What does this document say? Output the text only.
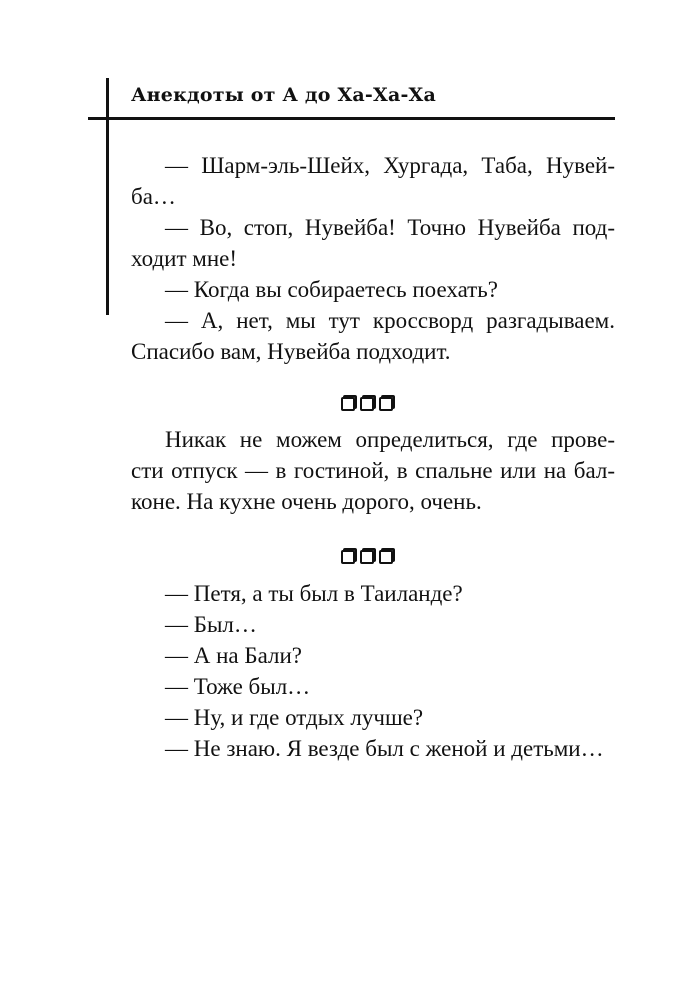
Анекдоты от А до Ха-Ха-Ха
— Шарм-эль-Шейх, Хургада, Таба, Нувей-
ба…
— Во, стоп, Нувейба! Точно Нувейба под-
ходит мне!
— Когда вы собираетесь поехать?
— А, нет, мы тут кроссворд разгадываем.
Спасибо вам, Нувейба подходит.
Никак не можем определиться, где прове-
сти отпуск — в гостиной, в спальне или на бал-
коне. На кухне очень дорого, очень.
— Петя, а ты был в Таиланде?
— Был…
— А на Бали?
— Тоже был…
— Ну, и где отдых лучше?
— Не знаю. Я везде был с женой и детьми…
